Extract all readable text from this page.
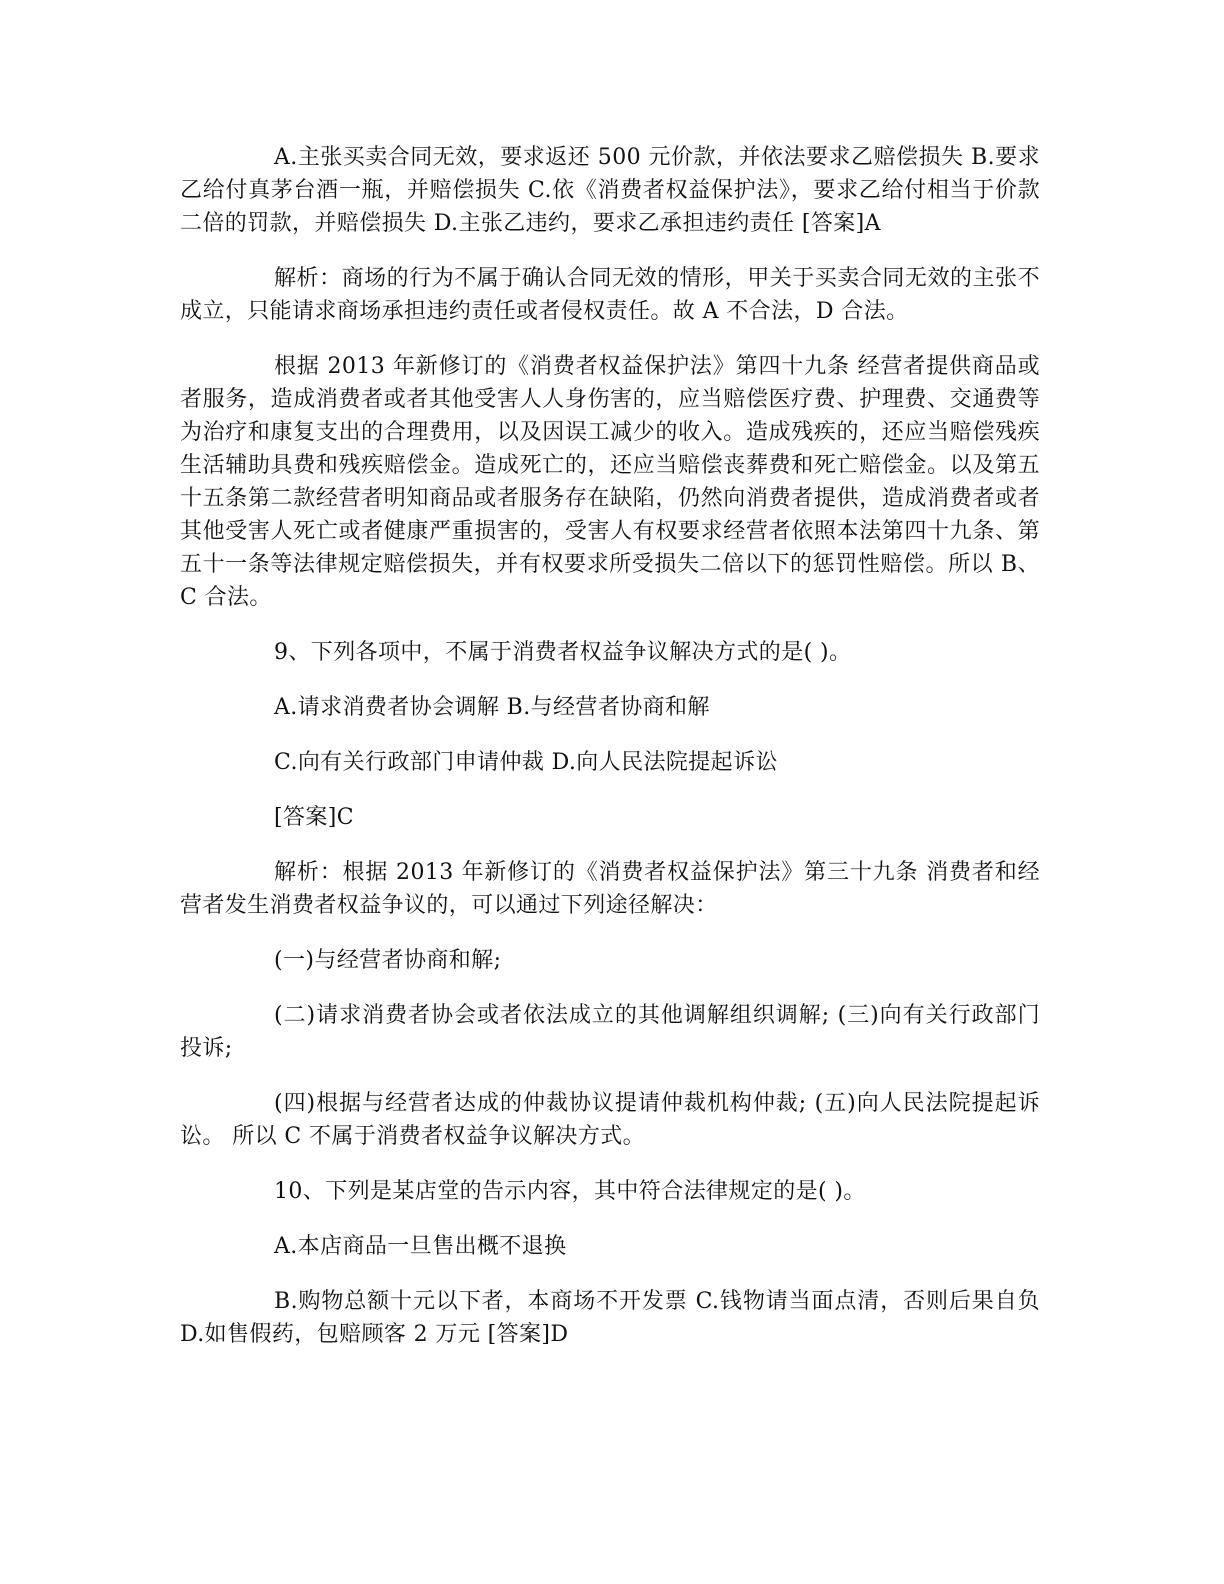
A.主张买卖合同无效，要求返还 500 元价款，并依法要求乙赔偿损失 B.要求乙给付真茅台酒一瓶，并赔偿损失 C.依《消费者权益保护法》，要求乙给付相当于价款二倍的罚款，并赔偿损失 D.主张乙违约，要求乙承担违约责任 [答案]A

解析：商场的行为不属于确认合同无效的情形，甲关于买卖合同无效的主张不成立，只能请求商场承担违约责任或者侵权责任。故 A 不合法，D 合法。

根据 2013 年新修订的《消费者权益保护法》第四十九条 经营者提供商品或者服务，造成消费者或者其他受害人人身伤害的，应当赔偿医疗费、护理费、交通费等为治疗和康复支出的合理费用，以及因误工减少的收入。造成残疾的，还应当赔偿残疾生活辅助具费和残疾赔偿金。造成死亡的，还应当赔偿丧葬费和死亡赔偿金。以及第五十五条第二款经营者明知商品或者服务存在缺陷，仍然向消费者提供，造成消费者或者其他受害人死亡或者健康严重损害的，受害人有权要求经营者依照本法第四十九条、第五十一条等法律规定赔偿损失，并有权要求所受损失二倍以下的惩罚性赔偿。所以 B、C 合法。

9、下列各项中，不属于消费者权益争议解决方式的是( )。

A.请求消费者协会调解 B.与经营者协商和解

C.向有关行政部门申请仲裁 D.向人民法院提起诉讼

[答案]C

解析：根据 2013 年新修订的《消费者权益保护法》第三十九条 消费者和经营者发生消费者权益争议的，可以通过下列途径解决：

(一)与经营者协商和解;

(二)请求消费者协会或者依法成立的其他调解组织调解; (三)向有关行政部门投诉;

(四)根据与经营者达成的仲裁协议提请仲裁机构仲裁; (五)向人民法院提起诉讼。 所以 C 不属于消费者权益争议解决方式。

10、下列是某店堂的告示内容，其中符合法律规定的是( )。

A.本店商品一旦售出概不退换

B.购物总额十元以下者，本商场不开发票 C.钱物请当面点清，否则后果自负 D.如售假药，包赔顾客 2 万元 [答案]D
